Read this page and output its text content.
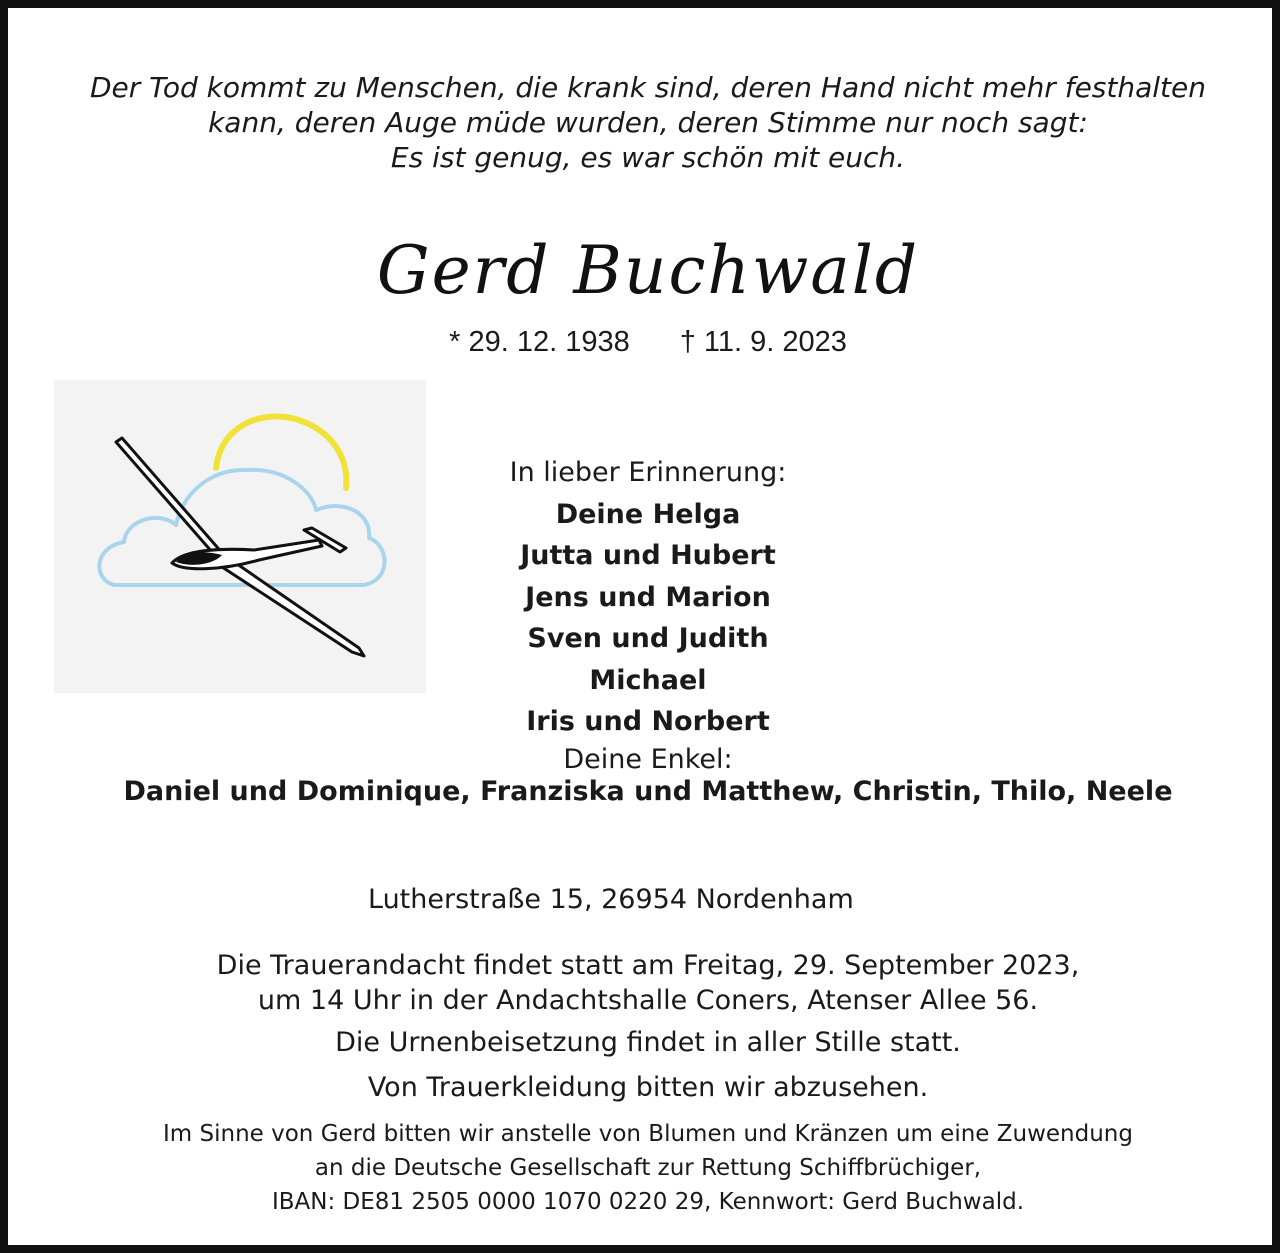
Der Tod kommt zu Menschen, die krank sind, deren Hand nicht mehr festhalten
kann, deren Auge müde wurden, deren Stimme nur noch sagt:
Es ist genug, es war schön mit euch.
Gerd Buchwald
* 29. 12. 1938 † 11. 9. 2023
In lieber Erinnerung:
Deine Helga
Jutta und Hubert
Jens und Marion
Sven und Judith
Michael
Iris und Norbert
Deine Enkel:
Daniel und Dominique, Franziska und Matthew, Christin, Thilo, Neele
Lutherstraße 15, 26954 Nordenham
Die Trauerandacht findet statt am Freitag, 29. September 2023,
um 14 Uhr in der Andachtshalle Coners, Atenser Allee 56.
Die Urnenbeisetzung findet in aller Stille statt.
Von Trauerkleidung bitten wir abzusehen.
Im Sinne von Gerd bitten wir anstelle von Blumen und Kränzen um eine Zuwendung
an die Deutsche Gesellschaft zur Rettung Schiffbrüchiger,
IBAN: DE81 2505 0000 1070 0220 29, Kennwort: Gerd Buchwald.
